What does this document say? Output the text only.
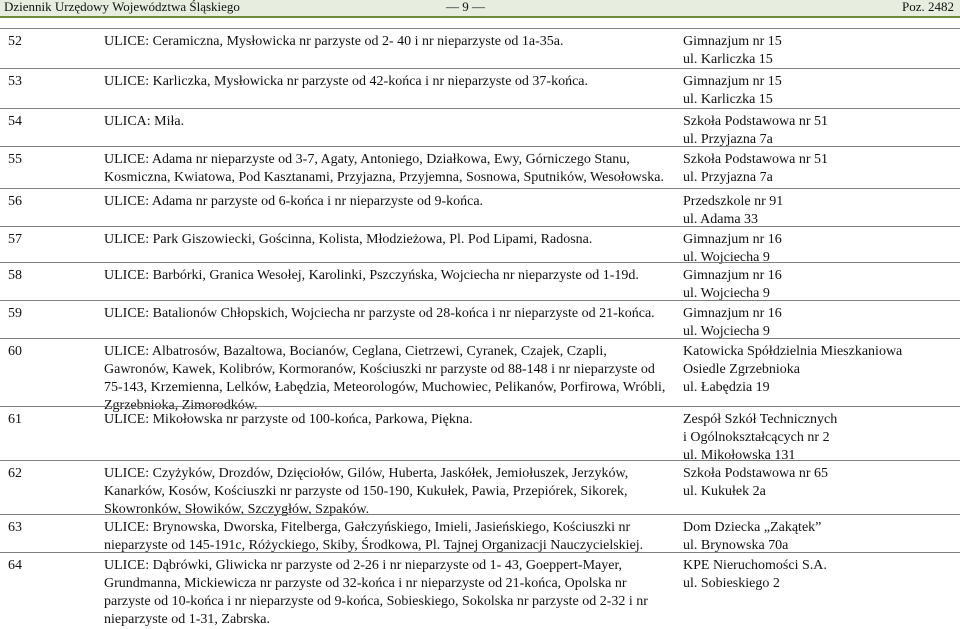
Dziennik Urzędowy Województwa Śląskiego	— 9 —	Poz. 2482
52	ULICE: Ceramiczna, Mysłowicka nr parzyste od 2- 40 i nr nieparzyste od 1a-35a.	Gimnazjum nr 15
ul. Karliczka 15
53	ULICE: Karliczka, Mysłowicka nr parzyste od 42-końca i nr nieparzyste od 37-końca.	Gimnazjum nr 15
ul. Karliczka 15
54	ULICA: Miła.	Szkoła Podstawowa nr 51
ul. Przyjazna 7a
55	ULICE: Adama nr nieparzyste od 3-7, Agaty, Antoniego, Działkowa, Ewy, Górniczego Stanu, Kosmiczna, Kwiatowa, Pod Kasztanami, Przyjazna, Przyjemna, Sosnowa, Sputników, Wesołowska.
Szkoła Podstawowa nr 51
ul. Przyjazna 7a
56	ULICE: Adama nr parzyste od 6-końca i nr nieparzyste od 9-końca.	Przedszkole nr 91
ul. Adama 33
57	ULICE: Park Giszowiecki, Gościnna, Kolista, Młodzieżowa, Pl. Pod Lipami, Radosna.	Gimnazjum nr 16
ul. Wojciecha 9
58	ULICE: Barbórki, Granica Wesołej, Karolinki, Pszczyńska, Wojciecha nr nieparzyste od 1-19d.	Gimnazjum nr 16
ul. Wojciecha 9
59	ULICE: Batalionów Chłopskich, Wojciecha nr parzyste od 28-końca i nr nieparzyste od 21-końca.	Gimnazjum nr 16
ul. Wojciecha 9
60	ULICE: Albatrosów, Bazaltowa, Bocianów, Ceglana, Cietrzewi, Cyranek, Czajek, Czapli, Gawronów, Kawek, Kolibrów, Kormoranów, Kościuszki nr parzyste od 88-148 i nr nieparzyste od 75-143, Krzemienna, Lelków, Łabędzia, Meteorologów, Muchowiec, Pelikanów, Porfirowa, Wróbli, Zgrzebnioka, Zimorodków.
Katowicka Spółdzielnia Mieszkaniowa
Osiedle Zgrzebnioka
ul. Łabędzia 19
61	ULICE: Mikołowska nr parzyste od 100-końca, Parkowa, Piękna.	Zespół Szkół Technicznych
i Ogólnokształcących nr 2
ul. Mikołowska 131
62	ULICE: Czyżyków, Drozdów, Dzięciołów, Gilów, Huberta, Jaskółek, Jemiołuszek, Jerzyków, Kanarków, Kosów, Kościuszki nr parzyste od 150-190, Kukułek, Pawia, Przepiórek, Sikorek, Skowronków, Słowików, Szczygłów, Szpaków.
Szkoła Podstawowa nr 65
ul. Kukułek 2a
63	ULICE: Brynowska, Dworska, Fitelberga, Gałczyńskiego, Imieli, Jasieńskiego, Kościuszki nr nieparzyste od 145-191c, Różyckiego, Skiby, Środkowa, Pl. Tajnej Organizacji Nauczycielskiej.
Dom Dziecka „Zakątek”
ul. Brynowska 70a
64	ULICE: Dąbrówki, Gliwicka nr parzyste od 2-26 i nr nieparzyste od 1- 43, Goeppert-Mayer, Grundmanna, Mickiewicza nr parzyste od 32-końca i nr nieparzyste od 21-końca, Opolska nr parzyste od 10-końca i nr nieparzyste od 9-końca, Sobieskiego, Sokolska nr parzyste od 2-32 i nr nieparzyste od 1-31, Zabrska.
KPE Nieruchomości S.A.
ul. Sobieskiego 2
